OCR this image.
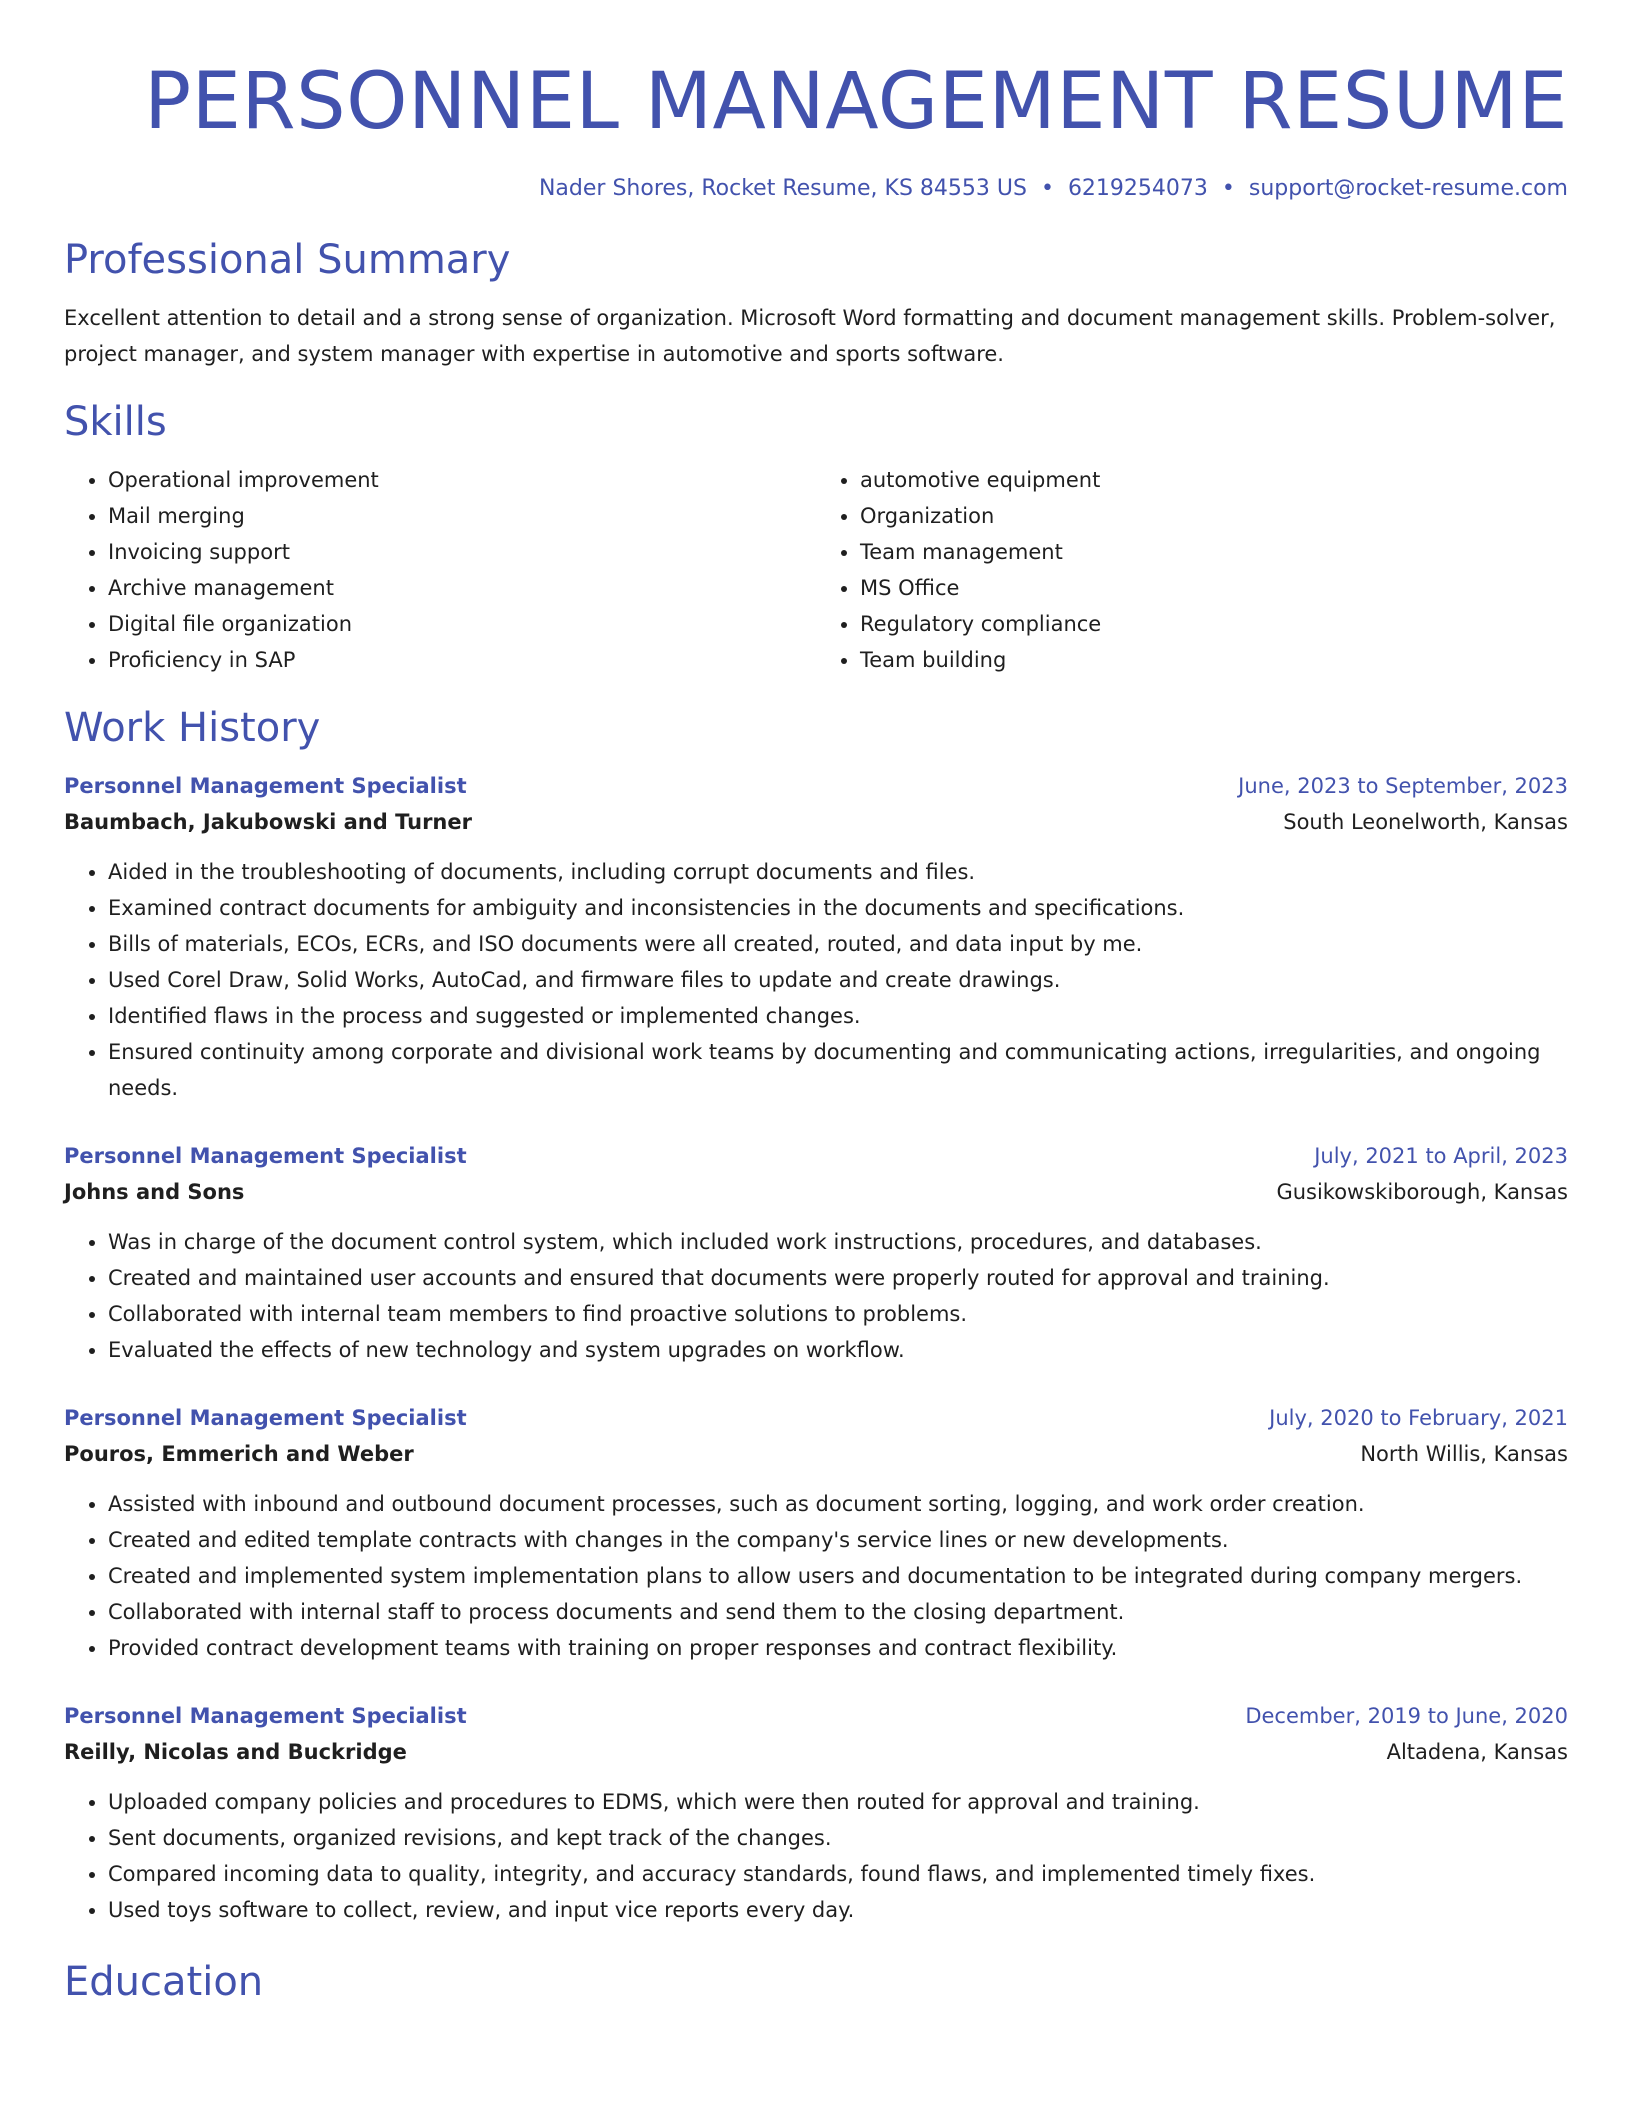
PERSONNEL MANAGEMENT RESUME
Nader Shores, Rocket Resume, KS 84553 US • 6219254073 • support@rocket-resume.com
Professional Summary

Excellent attention to detail and a strong sense of organization. Microsoft Word formatting and document management skills. Problem-solver, project manager, and system manager with expertise in automotive and sports software.

Skills
• Operational improvement
• Mail merging
• Invoicing support
• Archive management
• Digital file organization
• Proficiency in SAP
• automotive equipment
• Organization
• Team management
• MS Office
• Regulatory compliance
• Team building
Work History
Personnel Management Specialist	June, 2023 to September, 2023
Baumbach, Jakubowski and Turner	South Leonelworth, Kansas
• Aided in the troubleshooting of documents, including corrupt documents and files.
• Examined contract documents for ambiguity and inconsistencies in the documents and specifications.
• Bills of materials, ECOs, ECRs, and ISO documents were all created, routed, and data input by me.
• Used Corel Draw, Solid Works, AutoCad, and firmware files to update and create drawings.
• Identified flaws in the process and suggested or implemented changes.
• Ensured continuity among corporate and divisional work teams by documenting and communicating actions, irregularities, and ongoing needs.
Personnel Management Specialist	July, 2021 to April, 2023
Johns and Sons	Gusikowskiborough, Kansas
• Was in charge of the document control system, which included work instructions, procedures, and databases.
• Created and maintained user accounts and ensured that documents were properly routed for approval and training.
• Collaborated with internal team members to find proactive solutions to problems.
• Evaluated the effects of new technology and system upgrades on workflow.
Personnel Management Specialist	July, 2020 to February, 2021
Pouros, Emmerich and Weber	North Willis, Kansas
• Assisted with inbound and outbound document processes, such as document sorting, logging, and work order creation.
• Created and edited template contracts with changes in the company's service lines or new developments.
• Created and implemented system implementation plans to allow users and documentation to be integrated during company mergers.
• Collaborated with internal staff to process documents and send them to the closing department.
• Provided contract development teams with training on proper responses and contract flexibility.
Personnel Management Specialist	December, 2019 to June, 2020
Reilly, Nicolas and Buckridge	Altadena, Kansas
• Uploaded company policies and procedures to EDMS, which were then routed for approval and training.
• Sent documents, organized revisions, and kept track of the changes.
• Compared incoming data to quality, integrity, and accuracy standards, found flaws, and implemented timely fixes.
• Used toys software to collect, review, and input vice reports every day.
Education
